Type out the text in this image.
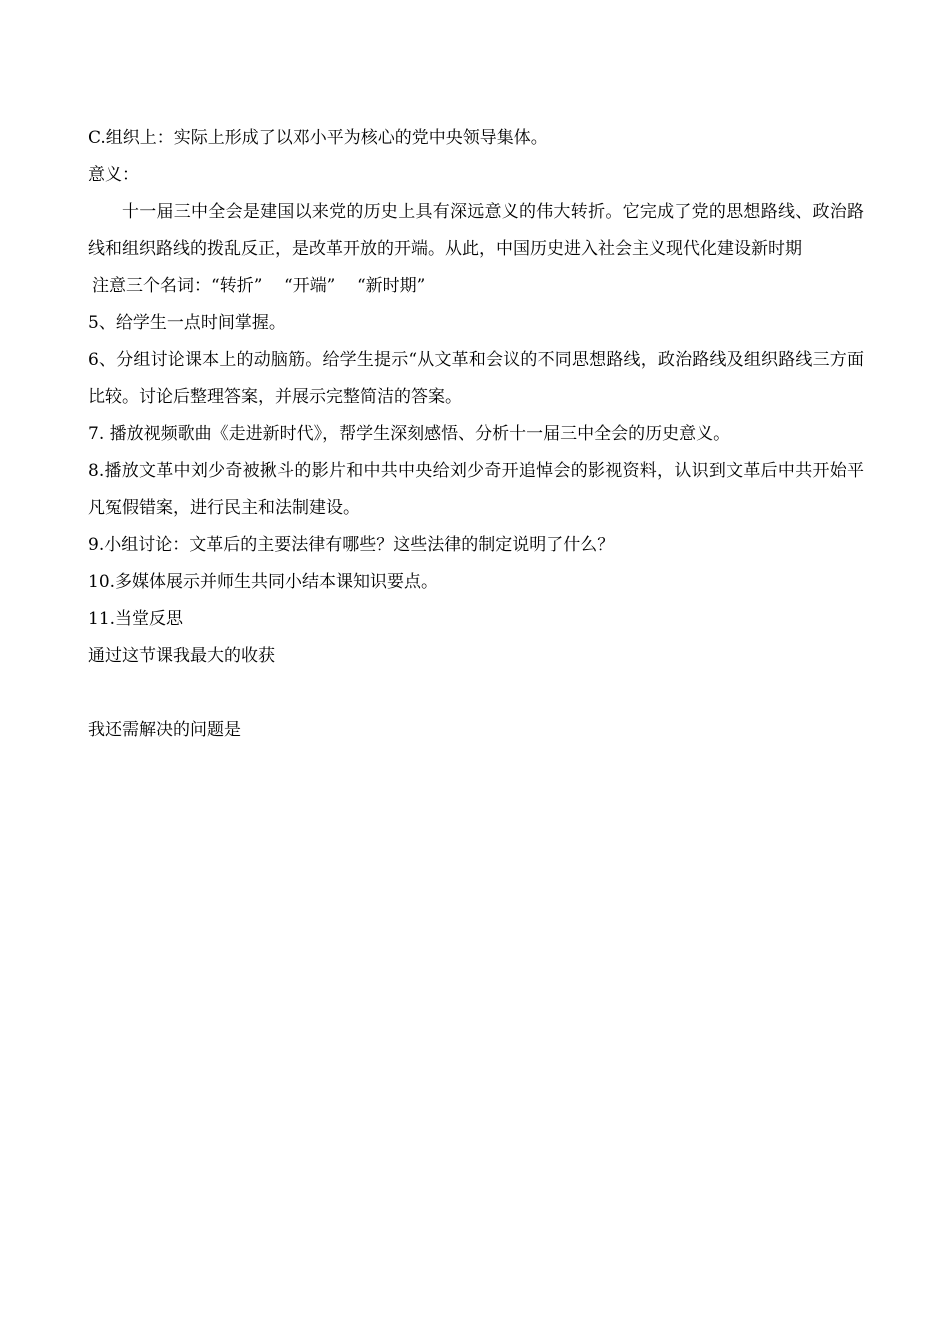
C.组织上：实际上形成了以邓小平为核心的党中央领导集体。

意义：

十一届三中全会是建国以来党的历史上具有深远意义的伟大转折。它完成了党的思想路线、政治路线和组织路线的拨乱反正，是改革开放的开端。从此，中国历史进入社会主义现代化建设新时期

注意三个名词：“转折”    “开端”    “新时期”

5、给学生一点时间掌握。

6、分组讨论课本上的动脑筋。给学生提示“从文革和会议的不同思想路线，政治路线及组织路线三方面比较。讨论后整理答案，并展示完整简洁的答案。

7. 播放视频歌曲《走进新时代》，帮学生深刻感悟、分析十一届三中全会的历史意义。

8.播放文革中刘少奇被揪斗的影片和中共中央给刘少奇开追悼会的影视资料，认识到文革后中共开始平凡冤假错案，进行民主和法制建设。

9.小组讨论：文革后的主要法律有哪些？这些法律的制定说明了什么？

10.多媒体展示并师生共同小结本课知识要点。

11.当堂反思

通过这节课我最大的收获

我还需解决的问题是
